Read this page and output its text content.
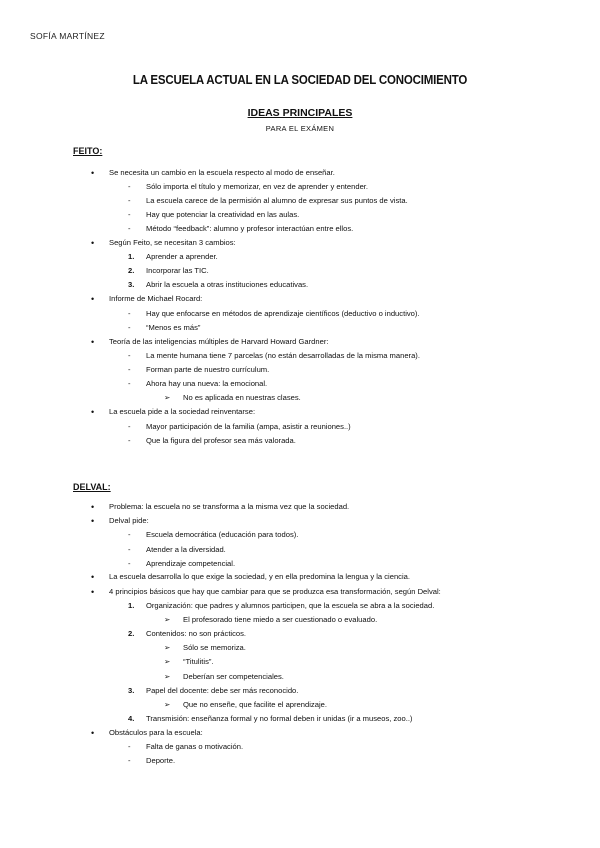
SOFÍA MARTÍNEZ
LA ESCUELA ACTUAL EN LA SOCIEDAD DEL CONOCIMIENTO
IDEAS PRINCIPALES
PARA EL EXÁMEN
FEITO:
• Se necesita un cambio en la escuela respecto al modo de enseñar.
- Sólo importa el título y memorizar, en vez de aprender y entender.
- La escuela carece de la permisión al alumno de expresar sus puntos de vista.
- Hay que potenciar la creatividad en las aulas.
- Método “feedback”: alumno y profesor interactúan entre ellos.
• Según Feito, se necesitan 3 cambios:
1. Aprender a aprender.
2. Incorporar las TIC.
3. Abrir la escuela a otras instituciones educativas.
• Informe de Michael Rocard:
- Hay que enfocarse en métodos de aprendizaje científicos (deductivo o inductivo).
- “Menos es más”
• Teoría de las inteligencias múltiples de Harvard Howard Gardner:
- La mente humana tiene 7 parcelas (no están desarrolladas de la misma manera).
- Forman parte de nuestro currículum.
- Ahora hay una nueva: la emocional.
➢ No es aplicada en nuestras clases.
• La escuela pide a la sociedad reinventarse:
- Mayor participación de la familia (ampa, asistir a reuniones..)
- Que la figura del profesor sea más valorada.
DELVAL:
• Problema: la escuela no se transforma a la misma vez que la sociedad.
• Delval pide:
- Escuela democrática (educación para todos).
- Atender a la diversidad.
- Aprendizaje competencial.
• La escuela desarrolla lo que exige la sociedad, y en ella predomina la lengua y la ciencia.
• 4 principios básicos que hay que cambiar para que se produzca esa transformación, según Delval:
1. Organización: que padres y alumnos participen, que la escuela se abra a la sociedad.
➢ El profesorado tiene miedo a ser cuestionado o evaluado.
2. Contenidos: no son prácticos.
➢ Sólo se memoriza.
➢ “Titulitis”.
➢ Deberían ser competenciales.
3. Papel del docente: debe ser más reconocido.
➢ Que no enseñe, que facilite el aprendizaje.
4. Transmisión: enseñanza formal y no formal deben ir unidas (ir a museos, zoo..)
• Obstáculos para la escuela:
- Falta de ganas o motivación.
- Deporte.
